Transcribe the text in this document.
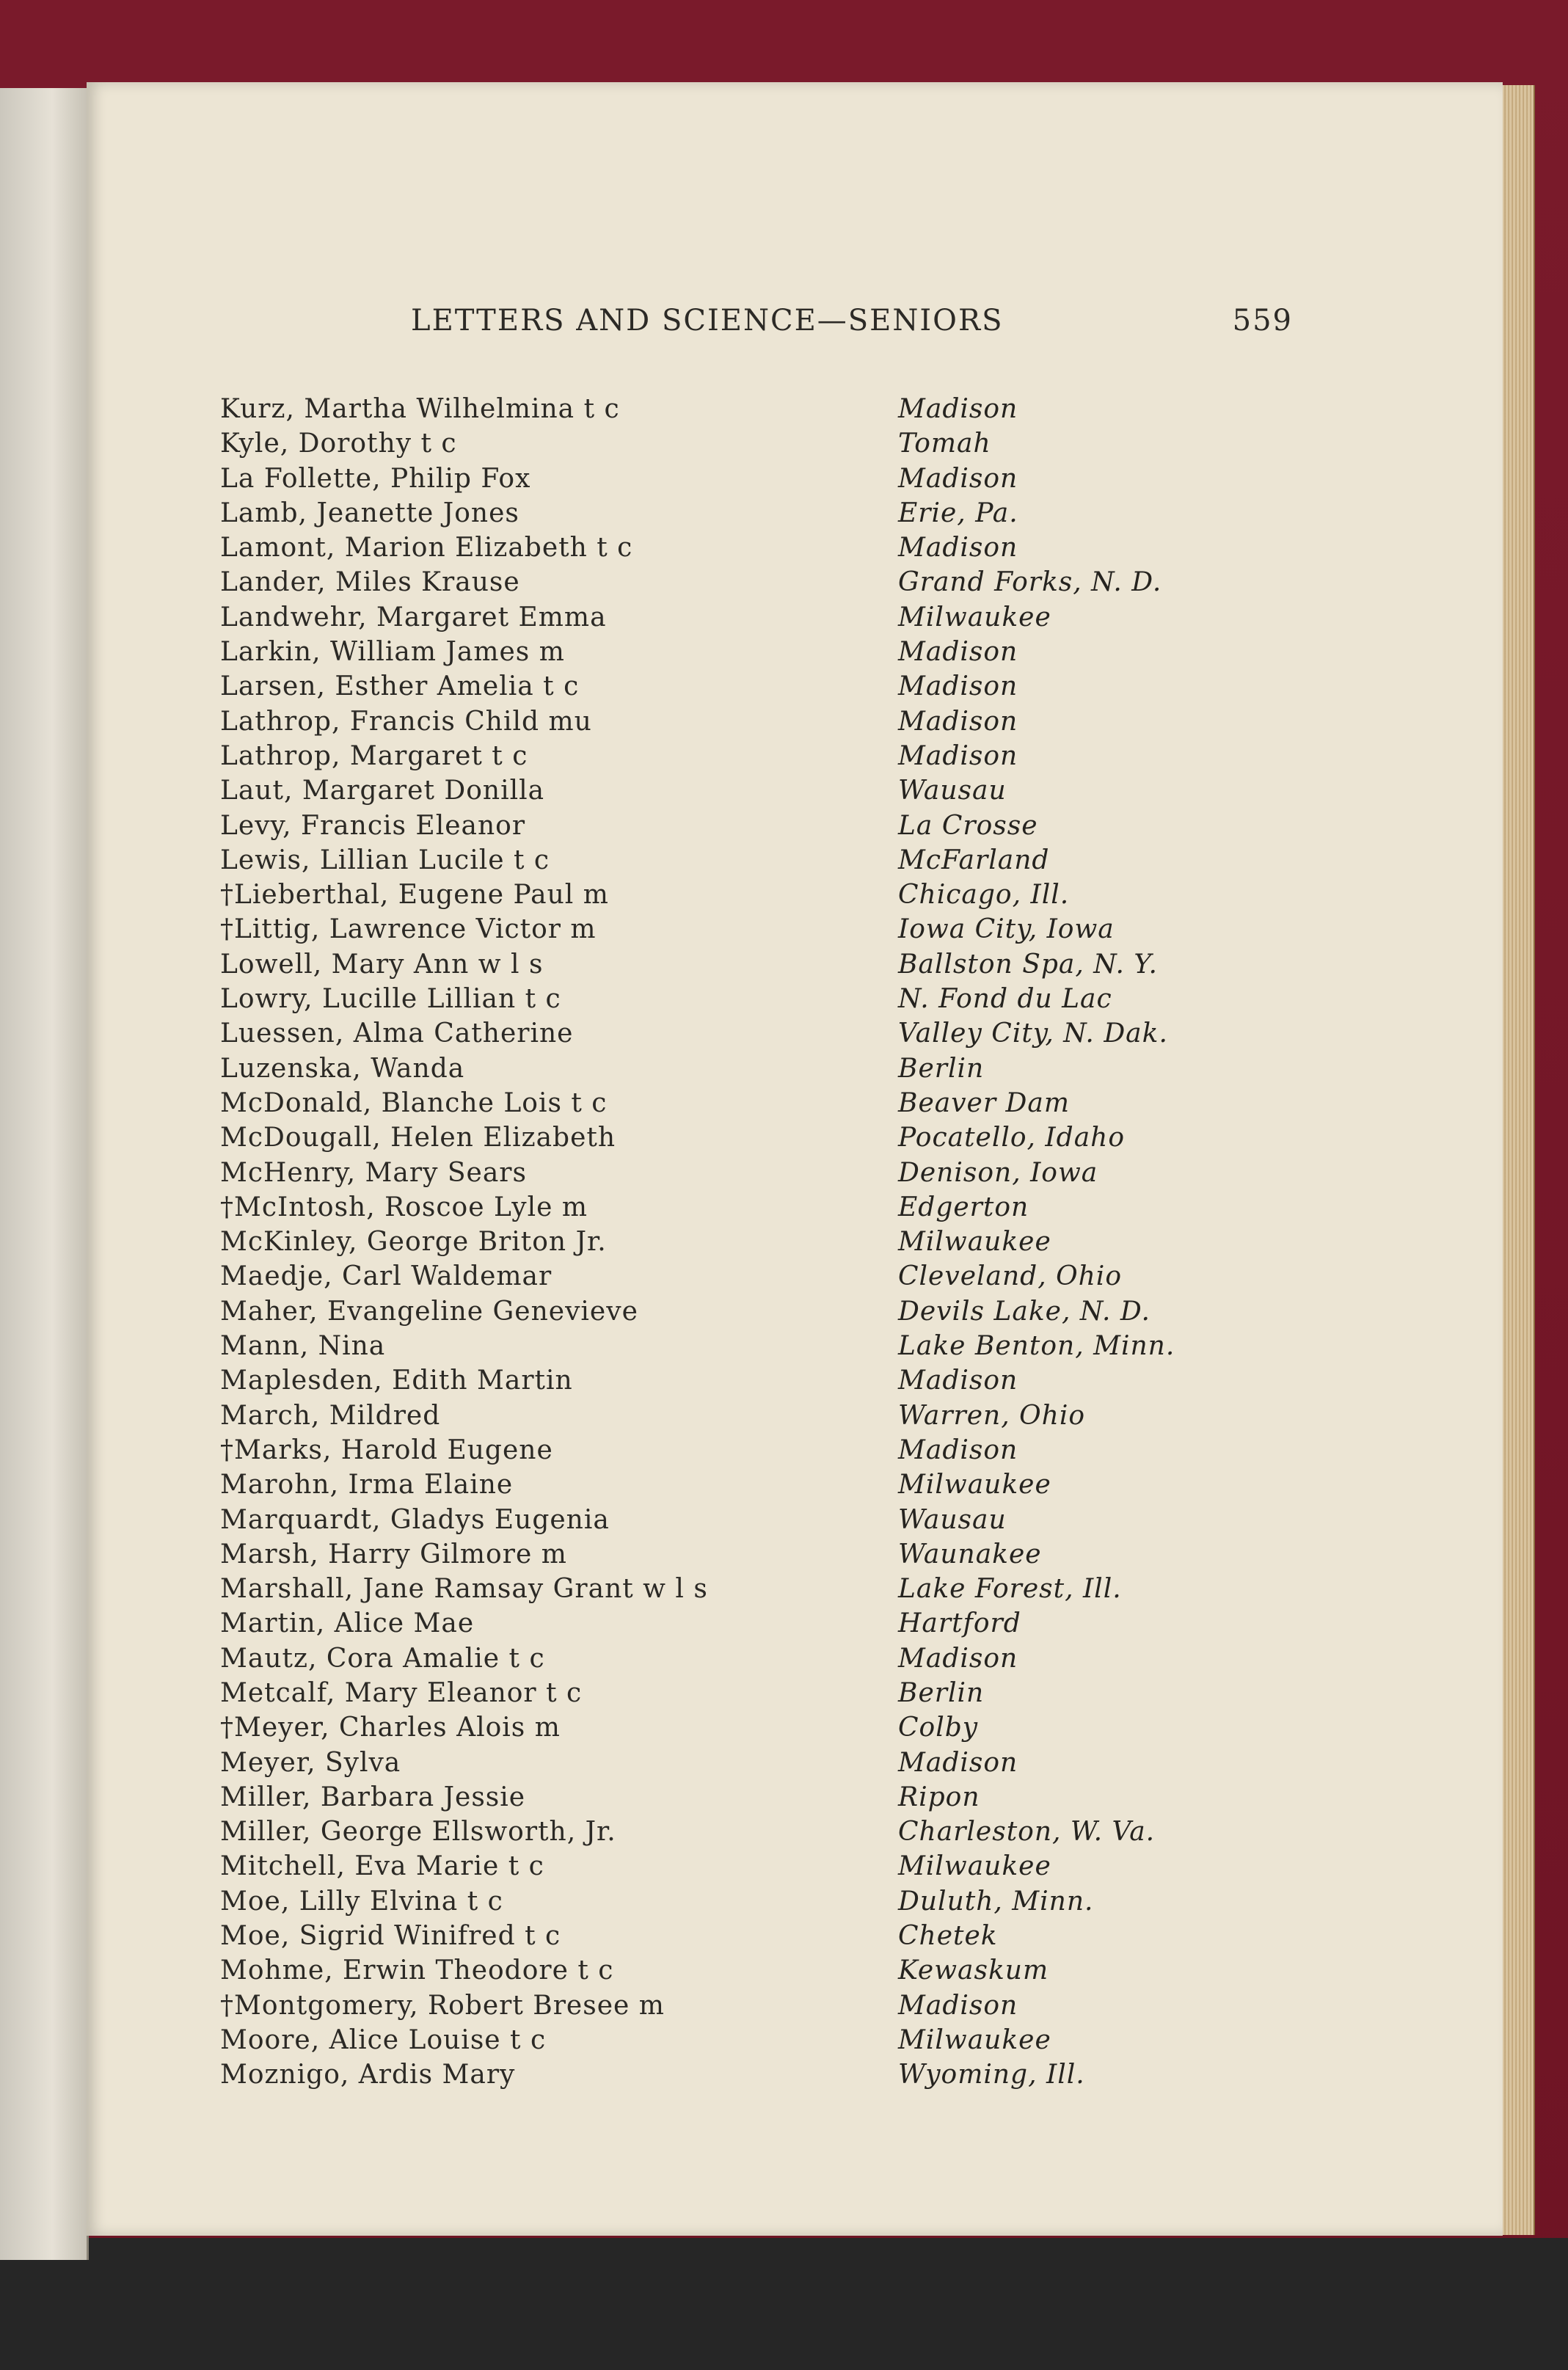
LETTERS AND SCIENCE—SENIORS	559
Kurz, Martha Wilhelmina t c	Madison
Kyle, Dorothy t c	Tomah
La Follette, Philip Fox	Madison
Lamb, Jeanette Jones	Erie, Pa.
Lamont, Marion Elizabeth t c	Madison
Lander, Miles Krause	Grand Forks, N. D.
Landwehr, Margaret Emma	Milwaukee
Larkin, William James m	Madison
Larsen, Esther Amelia t c	Madison
Lathrop, Francis Child mu	Madison
Lathrop, Margaret t c	Madison
Laut, Margaret Donilla	Wausau
Levy, Francis Eleanor	La Crosse
Lewis, Lillian Lucile t c	McFarland
†Lieberthal, Eugene Paul m	Chicago, Ill.
†Littig, Lawrence Victor m	Iowa City, Iowa
Lowell, Mary Ann w l s	Ballston Spa, N. Y.
Lowry, Lucille Lillian t c	N. Fond du Lac
Luessen, Alma Catherine	Valley City, N. Dak.
Luzenska, Wanda	Berlin
McDonald, Blanche Lois t c	Beaver Dam
McDougall, Helen Elizabeth	Pocatello, Idaho
McHenry, Mary Sears	Denison, Iowa
†McIntosh, Roscoe Lyle m	Edgerton
McKinley, George Briton Jr.	Milwaukee
Maedje, Carl Waldemar	Cleveland, Ohio
Maher, Evangeline Genevieve	Devils Lake, N. D.
Mann, Nina	Lake Benton, Minn.
Maplesden, Edith Martin	Madison
March, Mildred	Warren, Ohio
†Marks, Harold Eugene	Madison
Marohn, Irma Elaine	Milwaukee
Marquardt, Gladys Eugenia	Wausau
Marsh, Harry Gilmore m	Waunakee
Marshall, Jane Ramsay Grant w l s	Lake Forest, Ill.
Martin, Alice Mae	Hartford
Mautz, Cora Amalie t c	Madison
Metcalf, Mary Eleanor t c	Berlin
†Meyer, Charles Alois m	Colby
Meyer, Sylva	Madison
Miller, Barbara Jessie	Ripon
Miller, George Ellsworth, Jr.	Charleston, W. Va.
Mitchell, Eva Marie t c	Milwaukee
Moe, Lilly Elvina t c	Duluth, Minn.
Moe, Sigrid Winifred t c	Chetek
Mohme, Erwin Theodore t c	Kewaskum
†Montgomery, Robert Bresee m	Madison
Moore, Alice Louise t c	Milwaukee
Moznigo, Ardis Mary	Wyoming, Ill.
